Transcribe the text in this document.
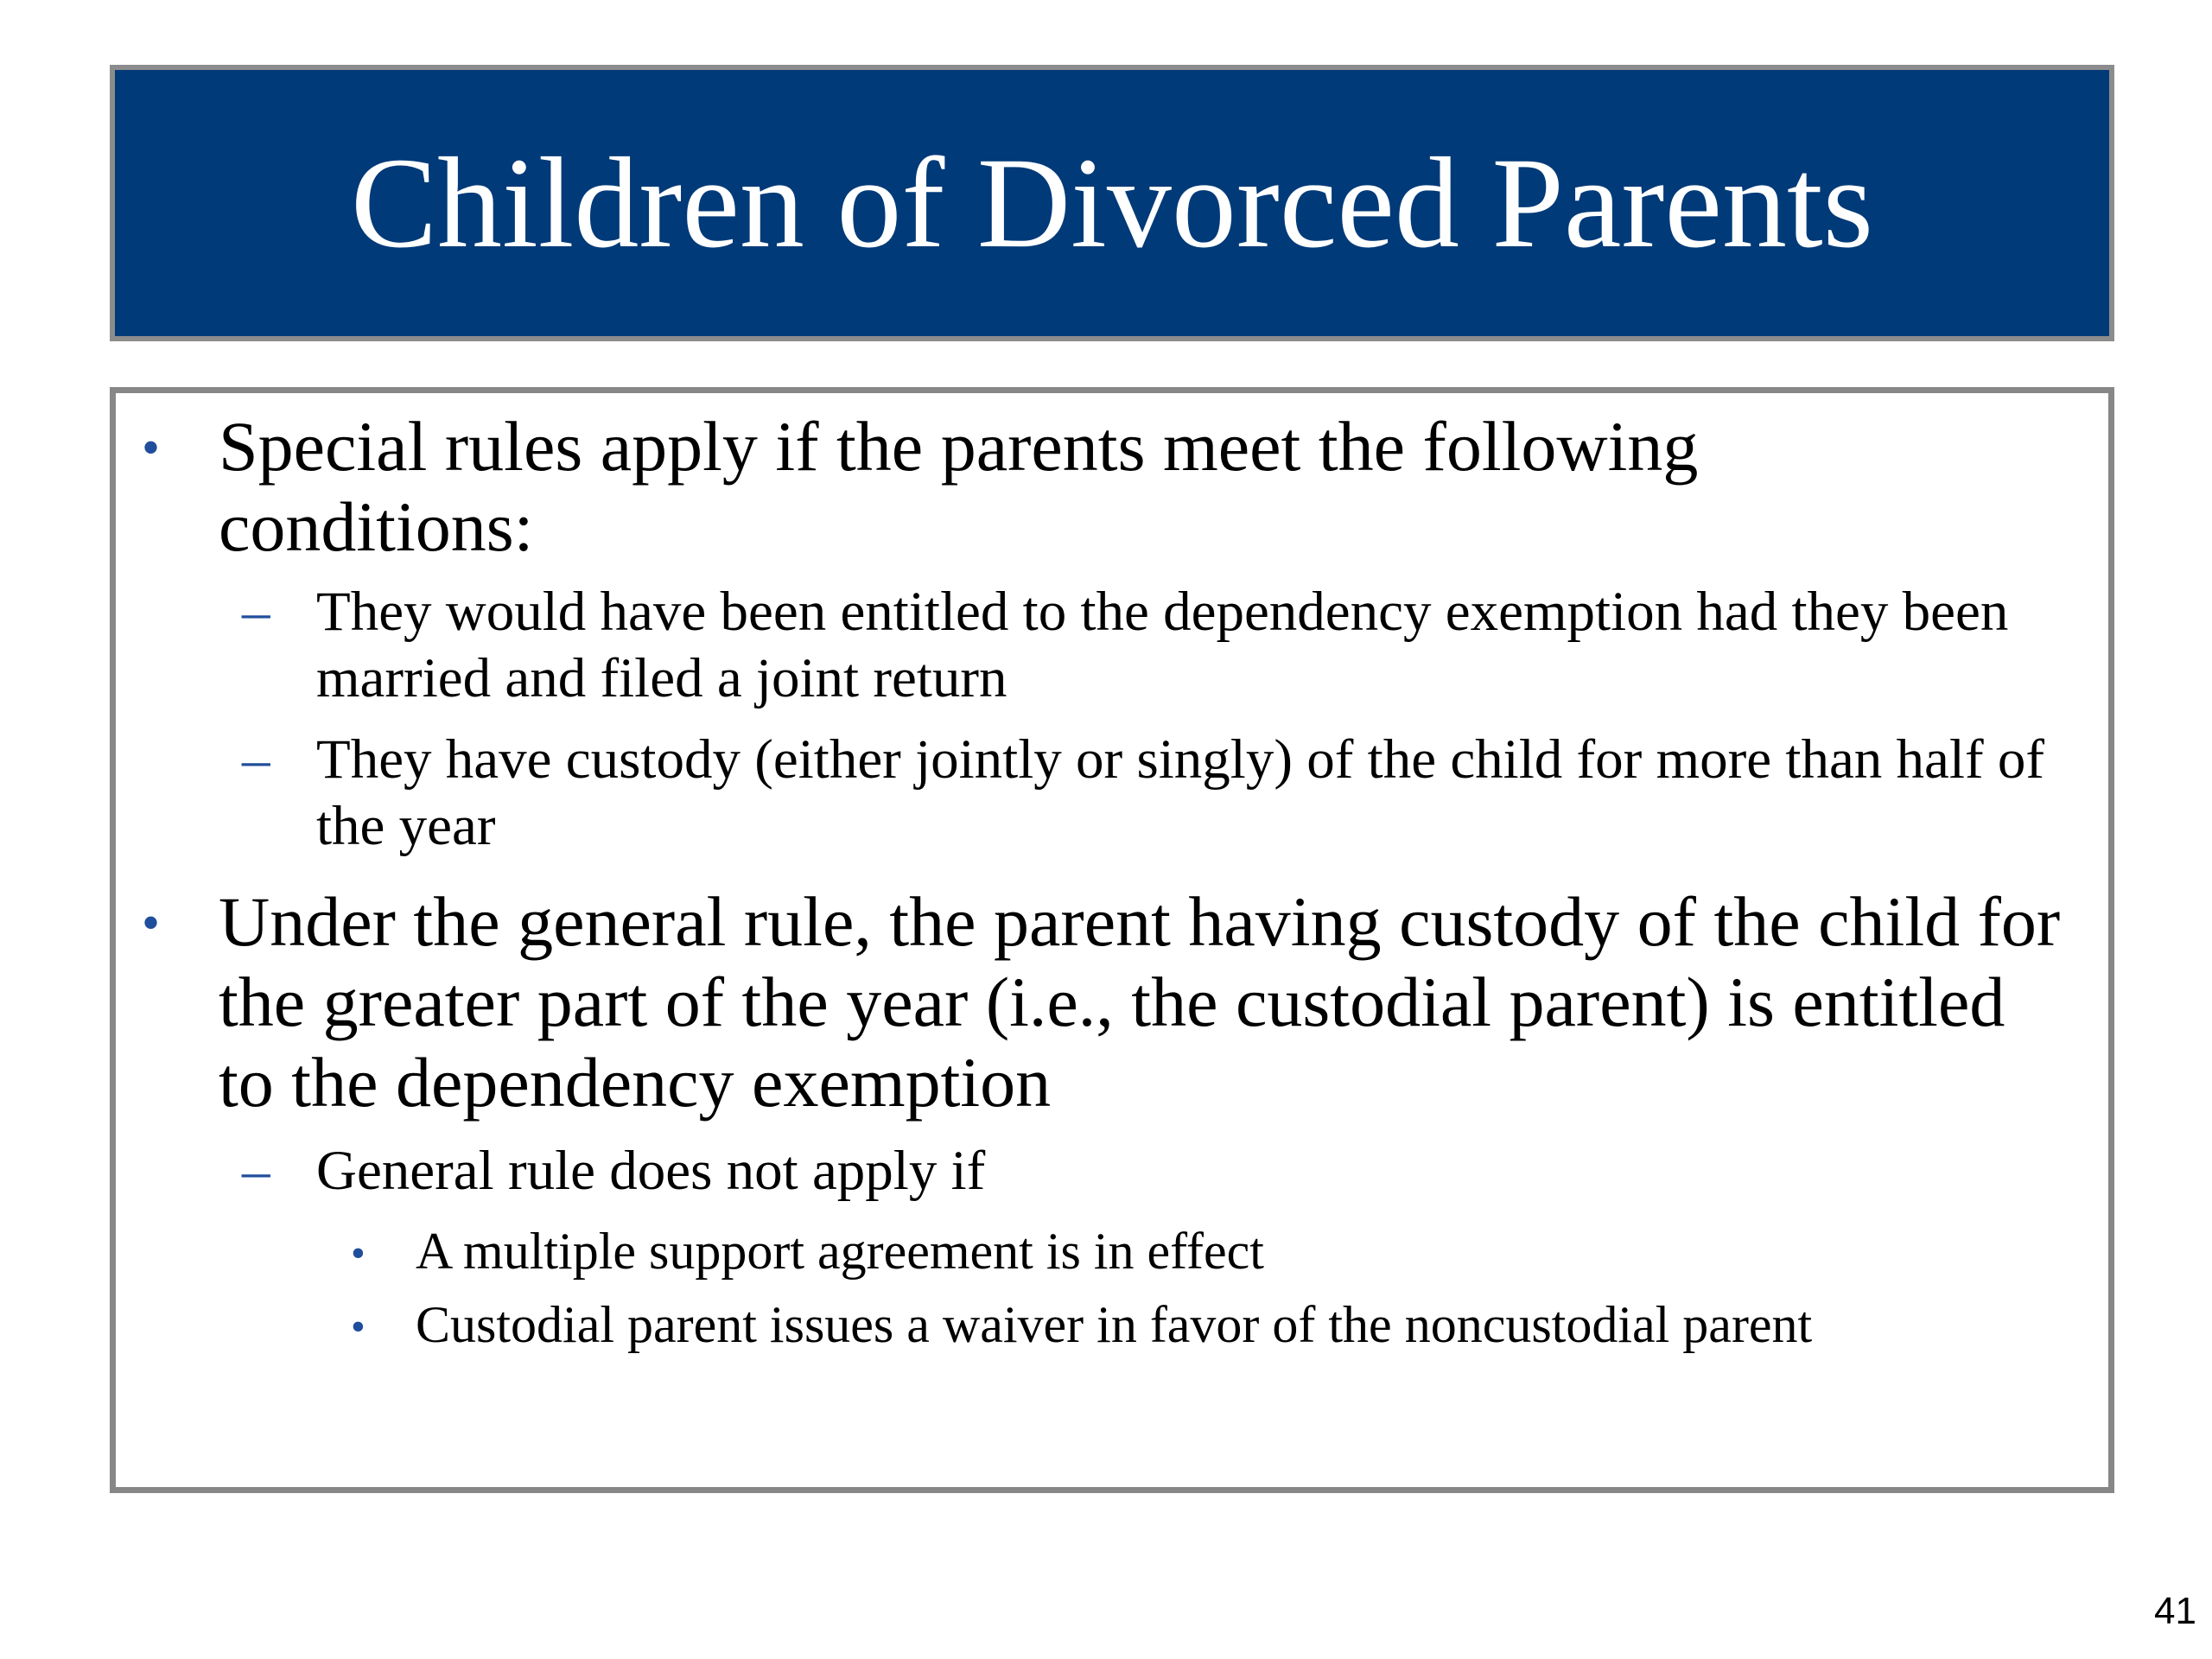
Children of Divorced Parents
• Special rules apply if the parents meet the following conditions:
– They would have been entitled to the dependency exemption had they been married and filed a joint return
– They have custody (either jointly or singly) of the child for more than half of the year
• Under the general rule, the parent having custody of the child for the greater part of the year (i.e., the custodial parent) is entitled to the dependency exemption
– General rule does not apply if
• A multiple support agreement is in effect
• Custodial parent issues a waiver in favor of the noncustodial parent
41
